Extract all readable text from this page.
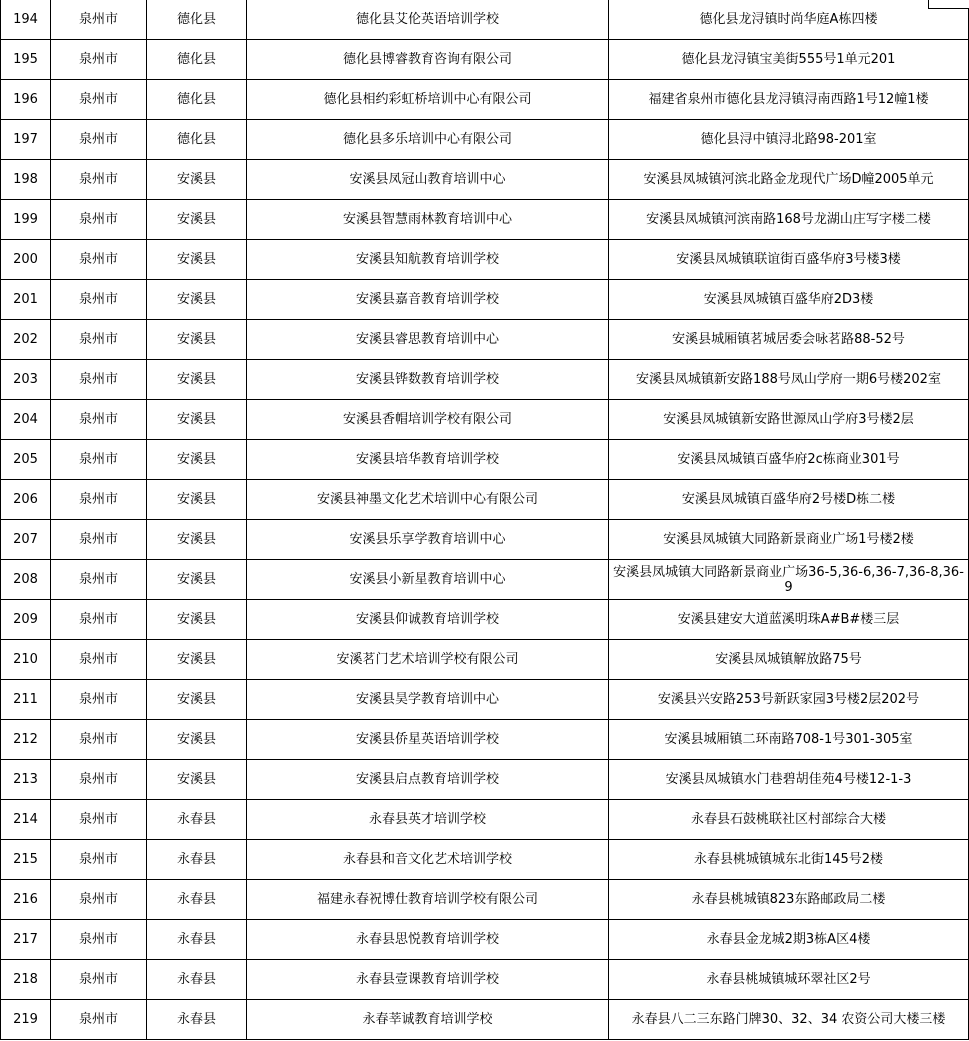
194	泉州市	德化县	德化县艾伦英语培训学校	德化县龙浔镇时尚华庭A栋四楼
195	泉州市	德化县	德化县博睿教育咨询有限公司	德化县龙浔镇宝美街555号1单元201
196	泉州市	德化县	德化县相约彩虹桥培训中心有限公司	福建省泉州市德化县龙浔镇浔南西路1号12幢1楼
197	泉州市	德化县	德化县多乐培训中心有限公司	德化县浔中镇浔北路98-201室
198	泉州市	安溪县	安溪县凤冠山教育培训中心	安溪县凤城镇河滨北路金龙现代广场D幢2005单元
199	泉州市	安溪县	安溪县智慧雨林教育培训中心	安溪县凤城镇河滨南路168号龙湖山庄写字楼二楼
200	泉州市	安溪县	安溪县知航教育培训学校	安溪县凤城镇联谊街百盛华府3号楼3楼
201	泉州市	安溪县	安溪县嘉音教育培训学校	安溪县凤城镇百盛华府2D3楼
202	泉州市	安溪县	安溪县睿思教育培训中心	安溪县城厢镇茗城居委会咏茗路88-52号
203	泉州市	安溪县	安溪县铧数教育培训学校	安溪县凤城镇新安路188号凤山学府一期6号楼202室
204	泉州市	安溪县	安溪县香帽培训学校有限公司	安溪县凤城镇新安路世源凤山学府3号楼2层
205	泉州市	安溪县	安溪县培华教育培训学校	安溪县凤城镇百盛华府2c栋商业301号
206	泉州市	安溪县	安溪县神墨文化艺术培训中心有限公司	安溪县凤城镇百盛华府2号楼D栋二楼
207	泉州市	安溪县	安溪县乐享学教育培训中心	安溪县凤城镇大同路新景商业广场1号楼2楼
208	泉州市	安溪县	安溪县小新星教育培训中心	安溪县凤城镇大同路新景商业广场36-5,36-6,36-7,36-8,36-9
209	泉州市	安溪县	安溪县仰诚教育培训学校	安溪县建安大道蓝溪明珠A#B#楼三层
210	泉州市	安溪县	安溪茗门艺术培训学校有限公司	安溪县凤城镇解放路75号
211	泉州市	安溪县	安溪县昊学教育培训中心	安溪县兴安路253号新跃家园3号楼2层202号
212	泉州市	安溪县	安溪县侨星英语培训学校	安溪县城厢镇二环南路708-1号301-305室
213	泉州市	安溪县	安溪县启点教育培训学校	安溪县凤城镇水门巷碧胡佳苑4号楼12-1-3
214	泉州市	永春县	永春县英才培训学校	永春县石鼓桃联社区村部综合大楼
215	泉州市	永春县	永春县和音文化艺术培训学校	永春县桃城镇城东北街145号2楼
216	泉州市	永春县	福建永春祝博仕教育培训学校有限公司	永春县桃城镇823东路邮政局二楼
217	泉州市	永春县	永春县思悦教育培训学校	永春县金龙城2期3栋A区4楼
218	泉州市	永春县	永春县壹课教育培训学校	永春县桃城镇城环翠社区2号
219	泉州市	永春县	永春莘诚教育培训学校	永春县八二三东路门牌30、32、34 农资公司大楼三楼
